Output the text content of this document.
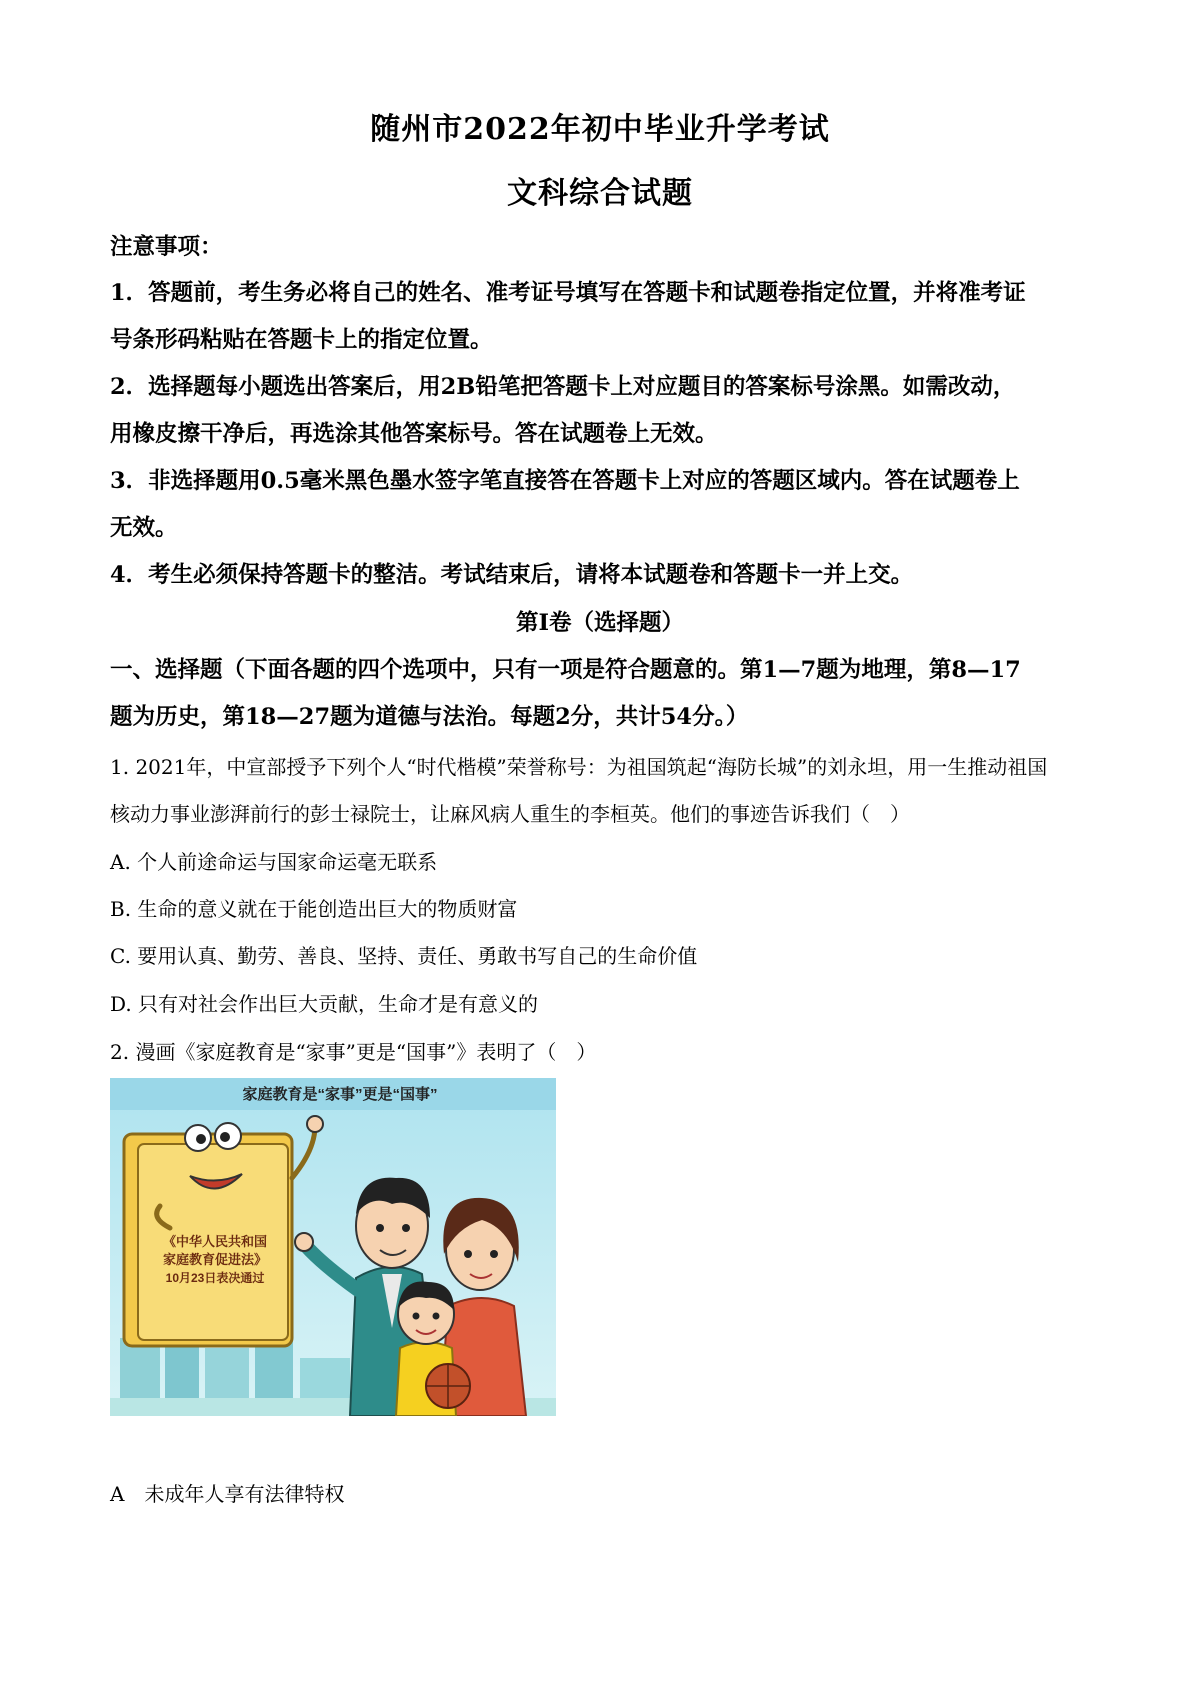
随州市2022年初中毕业升学考试
文科综合试题
注意事项：
1．答题前，考生务必将自己的姓名、准考证号填写在答题卡和试题卷指定位置，并将准考证
号条形码粘贴在答题卡上的指定位置。
2．选择题每小题选出答案后，用2B铅笔把答题卡上对应题目的答案标号涂黑。如需改动，
用橡皮擦干净后，再选涂其他答案标号。答在试题卷上无效。
3．非选择题用0.5毫米黑色墨水签字笔直接答在答题卡上对应的答题区域内。答在试题卷上
无效。
4．考生必须保持答题卡的整洁。考试结束后，请将本试题卷和答题卡一并上交。
第I卷（选择题）
一、选择题（下面各题的四个选项中，只有一项是符合题意的。第1—7题为地理，第8—17
题为历史，第18—27题为道德与法治。每题2分，共计54分。）
1. 2021年，中宣部授予下列个人“时代楷模”荣誉称号：为祖国筑起“海防长城”的刘永坦，用一生推动祖国
核动力事业澎湃前行的彭士禄院士，让麻风病人重生的李桓英。他们的事迹告诉我们（　）
A. 个人前途命运与国家命运毫无联系
B. 生命的意义就在于能创造出巨大的物质财富
C. 要用认真、勤劳、善良、坚持、责任、勇敢书写自己的生命价值
D. 只有对社会作出巨大贡献，生命才是有意义的
2. 漫画《家庭教育是“家事”更是“国事”》表明了（　）
家庭教育是“家事”更是“国事”
《中华人民共和国
家庭教育促进法》
10月23日表决通过
A　未成年人享有法律特权
